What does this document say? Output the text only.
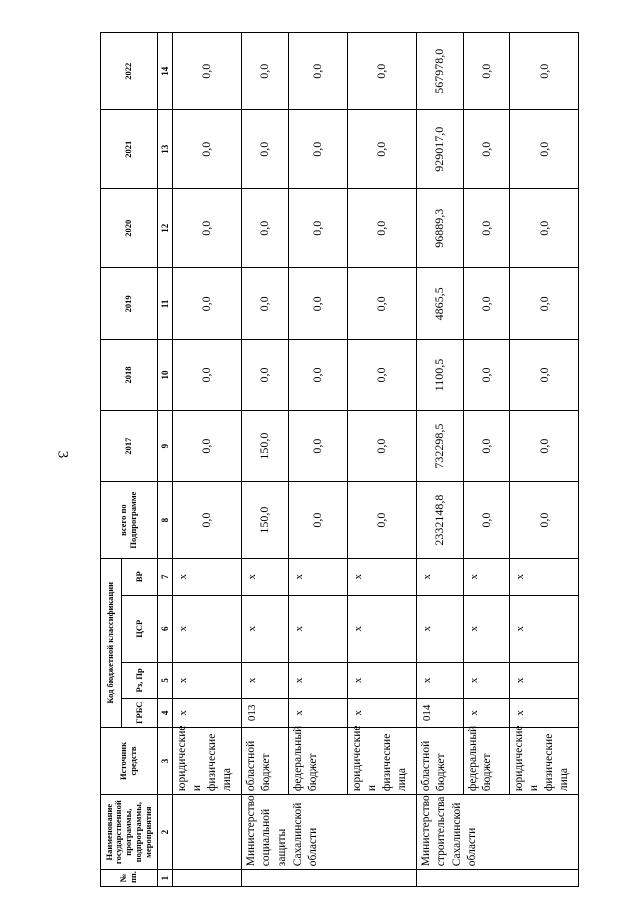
3
№ пп.	Наименование государственной программы, подпрограммы, мероприятия	Источник средств	Код бюджетной классификации				всего по Подпрограмме	2017	2018	2019	2020	2021	2022
			ГРБС	Рз, Пр	ЦСР	ВР							
1	2	3	4	5	6	7	8	9	10	11	12	13	14
		юридические и физические лица	х	х	х	х	0,0	0,0	0,0	0,0	0,0	0,0	0,0
	Министерство социальной защиты Сахалинской области	областной бюджет	013	х	х	х	150,0	150,0	0,0	0,0	0,0	0,0	0,0
		федеральный бюджет	х	х	х	х	0,0	0,0	0,0	0,0	0,0	0,0	0,0
		юридические и физические лица	х	х	х	х	0,0	0,0	0,0	0,0	0,0	0,0	0,0
	Министерство строительства Сахалинской области	областной бюджет	014	х	х	х	2332148,8	732298,5	1100,5	4865,5	96889,3	929017,0	567978,0
		федеральный бюджет	х	х	х	х	0,0	0,0	0,0	0,0	0,0	0,0	0,0
		юридические и физические лица	х	х	х	х	0,0	0,0	0,0	0,0	0,0	0,0	0,0
